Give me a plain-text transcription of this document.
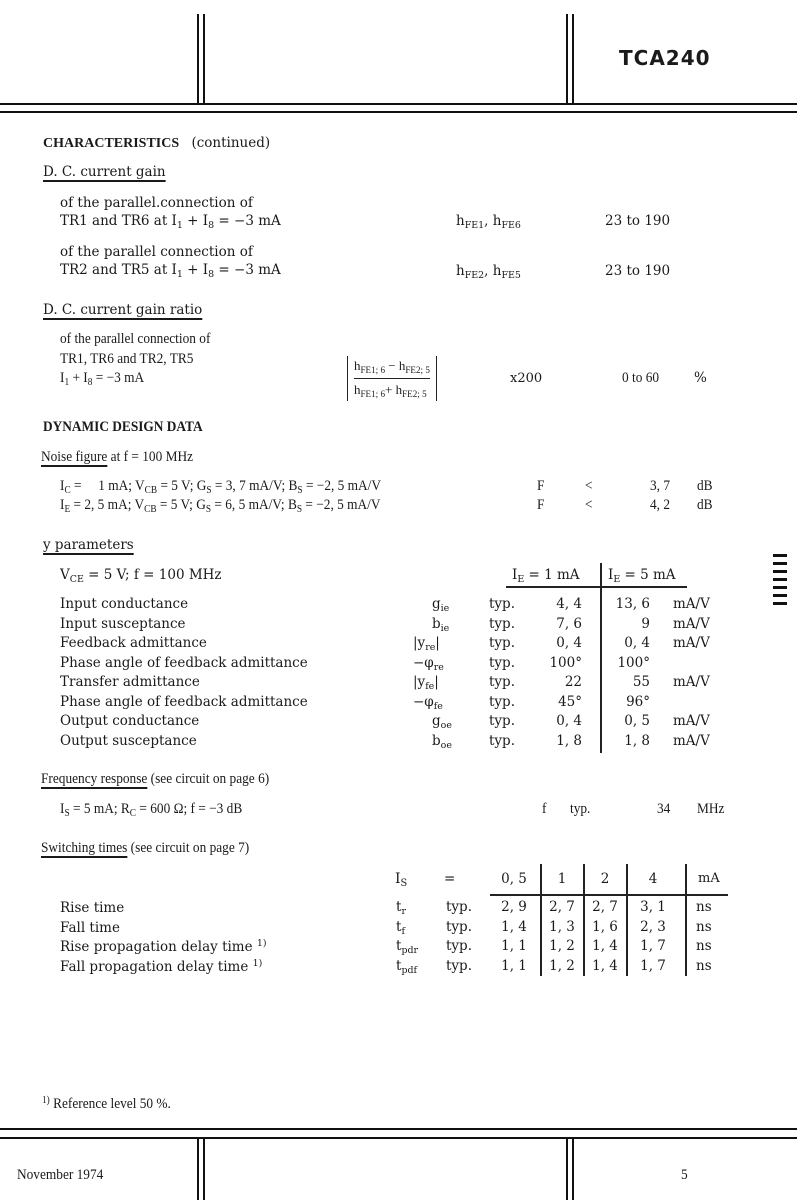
TCA240
CHARACTERISTICS (continued)
D. C. current gain
of the parallel.connection of
TR1 and TR6 at $I_1 + I_8 = -3$ mA	$h_{FE1}$, $h_{FE6}$	23 to 190
of the parallel connection of
TR2 and TR5 at $I_1 + I_8 = -3$ mA	$h_{FE2}$, $h_{FE5}$	23 to 190
D. C. current gain ratio
of the parallel connection of
TR1, TR6 and TR2, TR5
$I_1 + I_8 = -3$ mA
$h_{FE1; 6} - h_{FE2; 5}$
$h_{FE1; 6}+ h_{FE2; 5}$
x200	0 to 60	%
DYNAMIC DESIGN DATA
Noise figure at f = 100 MHz
$I_C$ =     1 mA; $V_{CB} = 5$ V; $G_S = 3$, 7 mA/V; $B_S = -2$, 5 mA/V	F	<	3, 7 dB
$I_E = 2$, 5 mA; $V_{CB} = 5$ V; $G_S = 6$, 5 mA/V; $B_S = -2$, 5 mA/V	F	<	4, 2 dB
y parameters
$V_{CE} = 5$ V; f = 100 MHz	$I_E = 1$ mA $I_E = 5$ mA
Input conductance	$g_{ie}$	typ.	4, 4	13, 6 mA/V
Input susceptance	$b_{ie}$	typ.	7, 6	9 mA/V
Feedback admittance	$|y_{re}|$	typ.	0, 4	0, 4 mA/V
Phase angle of feedback admittance	$-\varphi_{re}$	typ.	100°	100°
Transfer admittance	$|y_{fe}|$	typ.	22	55 mA/V
Phase angle of feedback admittance	$-\varphi_{fe}$	typ.	45°	96°
Output conductance	$g_{oe}$	typ.	0, 4	0, 5 mA/V
Output susceptance	$b_{oe}$	typ.	1, 8	1, 8 mA/V
Frequency response (see circuit on page 6)
$I_S = 5$ mA; $R_C = 600$ Ω; f = −3 dB	f typ.	34 MHz
Switching times (see circuit on page 7)
$I_S$	=	0, 5	1	2	4	mA
Rise time	$t_r$	typ.	2, 9	2, 7	2, 7	3, 1	ns
Fall time	$t_f$	typ.	1, 4	1, 3	1, 6	2, 3	ns
Rise propagation delay time $^{1)}$	$t_{pdr}$ typ.	1, 1	1, 2	1, 4	1, 7	ns
Fall propagation delay time $^{1)}$	$t_{pdf}$ typ.	1, 1	1, 2	1, 4	1, 7	ns
$^{1)}$ Reference level 50 %.
November 1974	5
